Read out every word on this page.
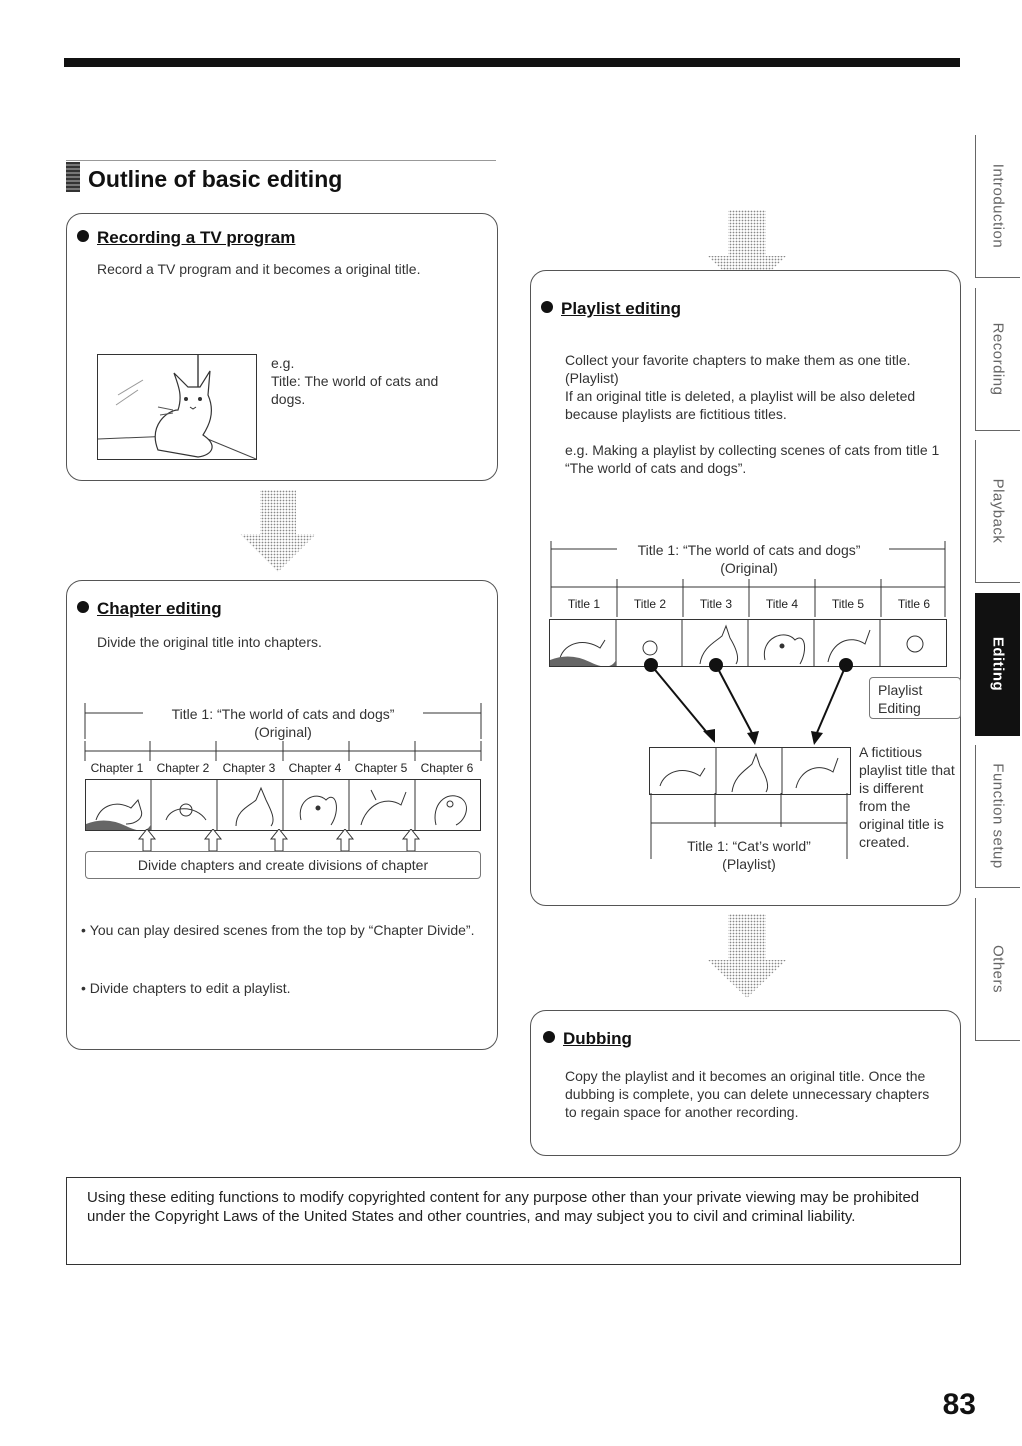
Outline of basic editing	Introduction
Recording
Playback
Editing
Function setup
Others
Recording a TV program
Record a TV program and it becomes a original title.
e.g.
Title: The world of cats and dogs.
Chapter editing
Divide the original title into chapters.
Title 1: “The world of cats and dogs”
(Original)
Chapter 1	Chapter 2	Chapter 3	Chapter 4	Chapter 5	Chapter 6
Divide chapters and create divisions of chapter
• You can play desired scenes from the top by “Chapter Divide”.
• Divide chapters to edit a playlist.
Playlist editing
Collect your favorite chapters to make them as one title. (Playlist)
If an original title is deleted, a playlist will be also deleted because playlists are fictitious titles.
e.g. Making a playlist by collecting scenes of cats from title 1 “The world of cats and dogs”.
Title 1: “The world of cats and dogs”
(Original)
Title 1	Title 2	Title 3	Title 4	Title 5	Title 6
Playlist Editing
Title 1: “Cat’s world”
(Playlist)
A fictitious playlist title that is different from the original title is created.
Dubbing
Copy the playlist and it becomes an original title. Once the dubbing is complete, you can delete unnecessary chapters to regain space for another recording.
Using these editing functions to modify copyrighted content for any purpose other than your private viewing may be prohibited under the Copyright Laws of the United States and other countries, and may subject you to civil and criminal liability.
83
